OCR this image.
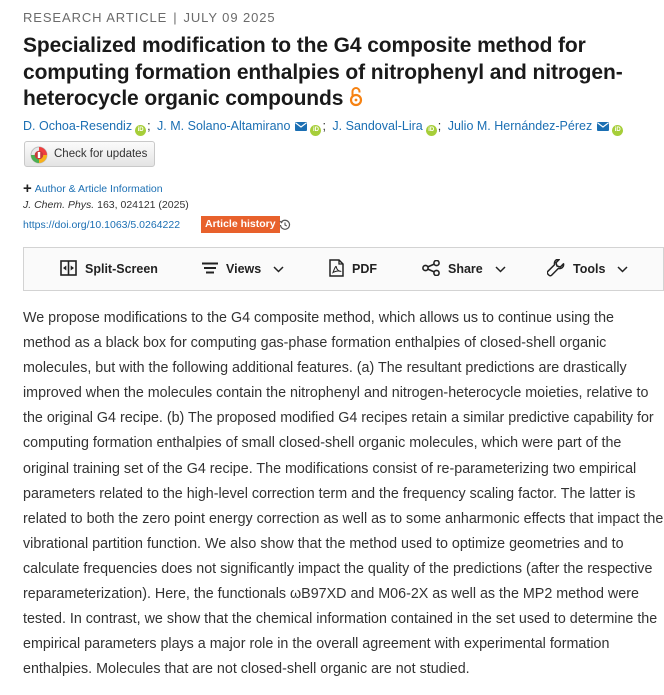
RESEARCH ARTICLE | JULY 09 2025
Specialized modification to the G4 composite method for computing formation enthalpies of nitrophenyl and nitrogen-heterocycle organic compounds
D. Ochoa-Resendiz iD ; J. M. Solano-Altamirano	iD ; J. Sandoval-Lira iD ; Julio M. Hernández-Pérez	iD
Check for updates
+ Author & Article Information
J. Chem. Phys. 163, 024121 (2025)
https://doi.org/10.1063/5.0264222	Article history
Split-Screen	Views	PDF	Share	Tools

We propose modifications to the G4 composite method, which allows us to continue using the method as a black box for computing gas-phase formation enthalpies of closed-shell organic molecules, but with the following additional features. (a) The resultant predictions are drastically improved when the molecules contain the nitrophenyl and nitrogen-heterocycle moieties, relative to the original G4 recipe. (b) The proposed modified G4 recipes retain a similar predictive capability for computing formation enthalpies of small closed-shell organic molecules, which were part of the original training set of the G4 recipe. The modifications consist of re-parameterizing two empirical parameters related to the high-level correction term and the frequency scaling factor. The latter is related to both the zero point energy correction as well as to some anharmonic effects that impact the vibrational partition function. We also show that the method used to optimize geometries and to calculate frequencies does not significantly impact the quality of the predictions (after the respective reparameterization). Here, the functionals ωB97XD and M06-2X as well as the MP2 method were tested. In contrast, we show that the chemical information contained in the set used to determine the empirical parameters plays a major role in the overall agreement with experimental formation enthalpies. Molecules that are not closed-shell organic are not studied.
